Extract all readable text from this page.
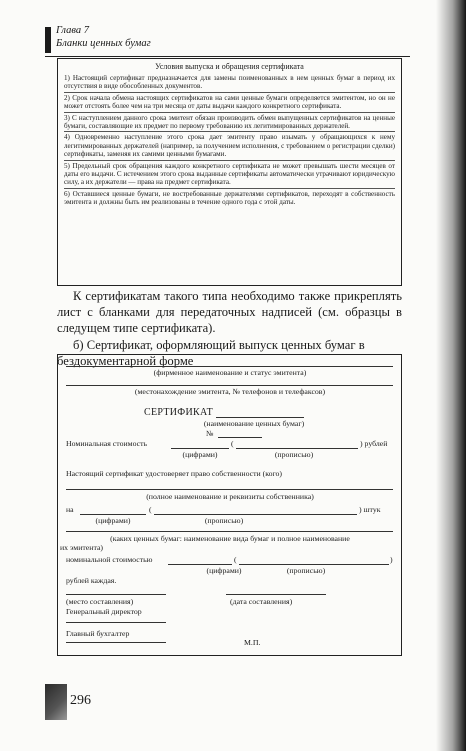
Глава 7
Бланки ценных бумаг
Условия выпуска и обращения сертификата
1) Настоящий сертификат предназначается для замены поименованных в нем ценных бумаг в период их отсутствия в виде обособленных документов.
2) Срок начала обмена настоящих сертификатов на сами ценные бумаги определяется эмитентом, но он не может отстоять более чем на три месяца от даты выдачи каждого конкретного сертификата.
3) С наступлением данного срока эмитент обязан производить обмен выпущенных сертификатов на ценные бумаги, составляющие их предмет по первому требованию их легитимированных держателей.
4) Одновременно наступление этого срока дает эмитенту право изымать у обращающихся к нему легитимированных держателей (например, за получением исполнения, с требованием о регистрации сделки) сертификаты, заменяя их самими ценными бумагами.
5) Предельный срок обращения каждого конкретного сертификата не может превышать шести месяцев от даты его выдачи. С истечением этого срока выданные сертификаты автоматически утрачивают юридическую силу, а их держатели — права на предмет сертификата.
6) Оставшиеся ценные бумаги, не востребованные держателями сертификатов, переходят в собственность эмитента и должны быть им реализованы в течение одного года с этой даты.

К сертификатам такого типа необходимо также прикреплять лист с бланками для передаточных надписей (см. образцы в следущем типе сертификата).

б) Сертификат, оформляющий выпуск ценных бумаг в бездокументарной форме

(фирменное наименование и статус эмитента)
(местонахождение эмитента, № телефонов и телефаксов)
СЕРТИФИКАТ
(наименование ценных бумаг)
№
Номинальная стоимость	(	) рублей
(цифрами)	(прописью)
Настоящий сертификат удостоверяет право собственности (кого)
(полное наименование и реквизиты собственника)
на	(	) штук
(цифрами)	(прописью)
(каких ценных бумаг: наименование вида бумаг и полное наименование
их эмитента)
номинальной стоимостью	(	)
(цифрами)	(прописью)
рублей каждая.
(место составления)	(дата составления)
Генеральный директор
Главный бухгалтер
М.П.
296
